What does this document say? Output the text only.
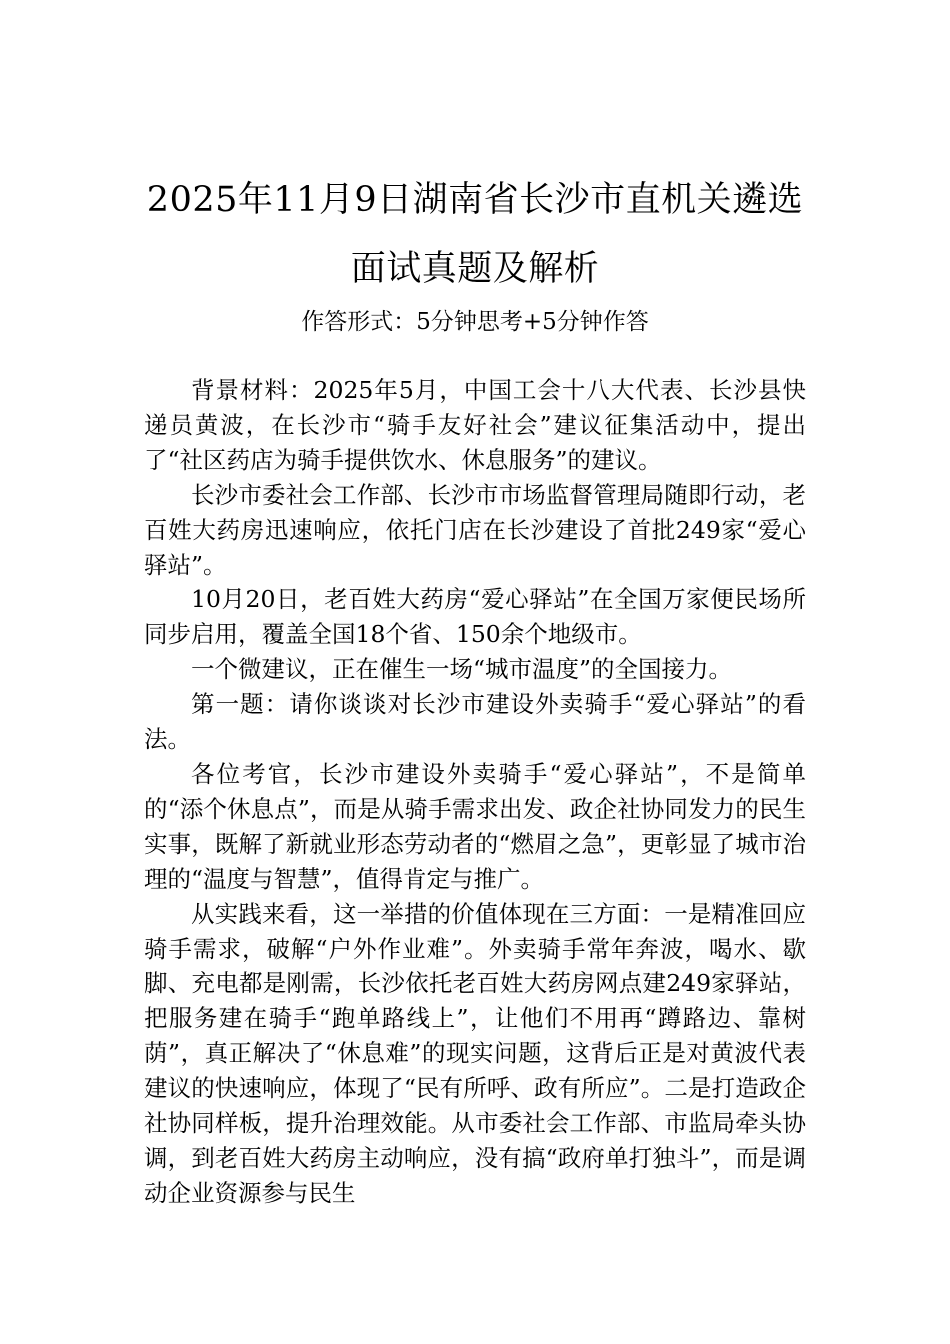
2025年11月9日湖南省长沙市直机关遴选
面试真题及解析
作答形式：5分钟思考+5分钟作答

背景材料：2025年5月，中国工会十八大代表、长沙县快递员黄波，在长沙市“骑手友好社会”建议征集活动中，提出了“社区药店为骑手提供饮水、休息服务”的建议。

长沙市委社会工作部、长沙市市场监督管理局随即行动，老百姓大药房迅速响应，依托门店在长沙建设了首批249家“爱心驿站”。

10月20日，老百姓大药房“爱心驿站”在全国万家便民场所同步启用，覆盖全国18个省、150余个地级市。

一个微建议，正在催生一场“城市温度”的全国接力。

第一题：请你谈谈对长沙市建设外卖骑手“爱心驿站”的看法。

各位考官，长沙市建设外卖骑手“爱心驿站”，不是简单的“添个休息点”，而是从骑手需求出发、政企社协同发力的民生实事，既解了新就业形态劳动者的“燃眉之急”，更彰显了城市治理的“温度与智慧”，值得肯定与推广。

从实践来看，这一举措的价值体现在三方面：一是精准回应骑手需求，破解“户外作业难”。外卖骑手常年奔波，喝水、歇脚、充电都是刚需，长沙依托老百姓大药房网点建249家驿站，把服务建在骑手“跑单路线上”，让他们不用再“蹲路边、靠树荫”，真正解决了“休息难”的现实问题，这背后正是对黄波代表建议的快速响应，体现了“民有所呼、政有所应”。二是打造政企社协同样板，提升治理效能。从市委社会工作部、市监局牵头协调，到老百姓大药房主动响应，没有搞“政府单打独斗”，而是调动企业资源参与民生
